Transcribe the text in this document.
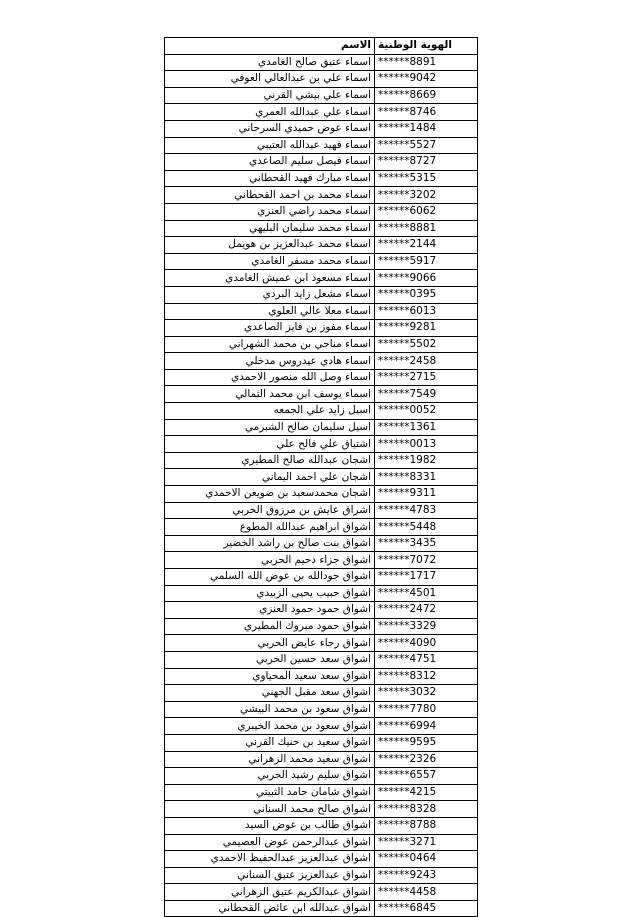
الهوية الوطنية	الاسم
******8891	اسماء عتيق صالح الغامدي
******9042	اسماء علي بن عبدالعالي العوفي
******8669	اسماء علي بيشي القرني
******8746	اسماء علي عبدالله العمري
******1484	اسماء عوض حميدي السرحاني
******5527	اسماء فهيد عبدالله العتيبي
******8727	اسماء فيصل سليم الصاعدي
******5315	اسماء مبارك فهيد القحطاني
******3202	اسماء محمد بن احمد القحطاني
******6062	اسماء محمد راضي العنزي
******8881	اسماء محمد سليمان البليهي
******2144	اسماء محمد عبدالعزيز بن هويمل
******5917	اسماء محمد مسفر الغامدي
******9066	اسماء مسعود ابن عميش الغامدي
******0395	اسماء مشعل زايد البردي
******6013	اسماء معلا عالي العلوي
******9281	اسماء مفوز بن فايز الصاعدي
******5502	اسماء مناحي بن محمد الشهراني
******2458	اسماء هادي عيدروس مدخلي
******2715	اسماء وصل الله منصور الاحمدي
******7549	اسماء يوسف ابن محمد الثمالي
******0052	اسيل زايد علي الجمعه
******1361	اسيل سليمان صالح الشبرمي
******0013	اشتياق علي فالح علي
******1982	اشجان عبدالله صالح المطيري
******8331	اشجان علي احمد اليماني
******9311	اشجان محمدسعيد بن ضويعن الاحمدي
******4783	اشراق عايش بن مرزوق الحربي
******5448	اشواق ابراهيم عبدالله المطوع
******3435	اشواق بنت صالح بن راشد الخضير
******7072	اشواق جزاء دحيم الحربي
******1717	اشواق جودالله بن عوض الله السلمي
******4501	اشواق حبيب يحيى الزبيدي
******2472	اشواق حمود حمود العنزي
******3329	اشواق حمود مبروك المطيري
******4090	اشواق رجاء عايض الحربي
******4751	اشواق سعد حسين الحربي
******8312	اشواق سعد سعيد المحياوي
******3032	اشواق سعد مقبل الجهني
******7780	اشواق سعود بن محمد البيشي
******6994	اشواق سعود بن محمد الخيبري
******9595	اشواق سعيد بن حنيك القرني
******2326	اشواق سعيد محمد الزهراني
******6557	اشواق سليم رشيد الحربي
******4215	اشواق شامان حامد الثبيتي
******8328	اشواق صالح محمد السناني
******8788	اشواق طالب بن عوض السيد
******3271	اشواق عبدالرحمن عوض العصيمي
******0464	اشواق عبدالعزيز عبدالحفيظ الاحمدي
******9243	اشواق عبدالعزيز عتيق السناني
******4458	اشواق عبدالكريم عتيق الزهراني
******6845	اشواق عبدالله ابن عائض القحطاني
